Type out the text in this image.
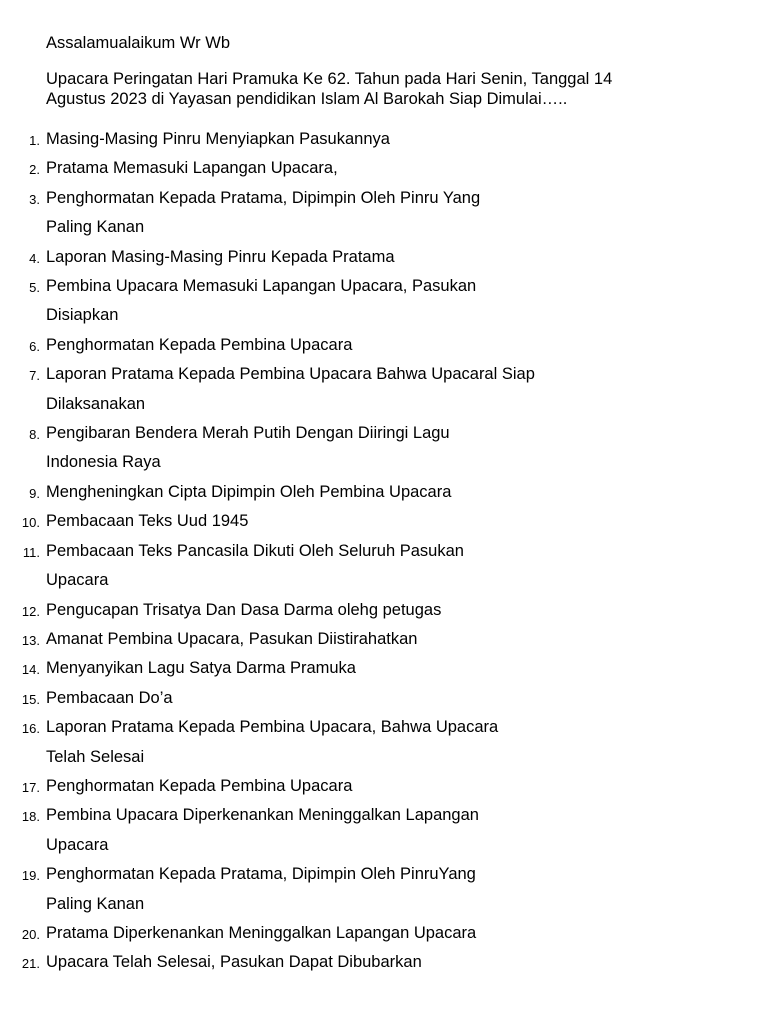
Assalamualaikum Wr Wb
Upacara Peringatan Hari Pramuka Ke 62. Tahun pada Hari Senin, Tanggal 14
Agustus 2023 di Yayasan pendidikan Islam Al Barokah Siap Dimulai…..
1. Masing-Masing Pinru Menyiapkan Pasukannya
2. Pratama Memasuki Lapangan Upacara,
3. Penghormatan Kepada Pratama, Dipimpin Oleh Pinru Yang
Paling Kanan
4. Laporan Masing-Masing Pinru Kepada Pratama
5. Pembina Upacara Memasuki Lapangan Upacara, Pasukan
Disiapkan
6. Penghormatan Kepada Pembina Upacara
7. Laporan Pratama Kepada Pembina Upacara Bahwa Upacaral Siap
Dilaksanakan
8. Pengibaran Bendera Merah Putih Dengan Diiringi Lagu
Indonesia Raya
9. Mengheningkan Cipta Dipimpin Oleh Pembina Upacara
10. Pembacaan Teks Uud 1945
11. Pembacaan Teks Pancasila Dikuti Oleh Seluruh Pasukan
Upacara
12. Pengucapan Trisatya Dan Dasa Darma olehg petugas
13. Amanat Pembina Upacara, Pasukan Diistirahatkan
14. Menyanyikan Lagu Satya Darma Pramuka
15. Pembacaan Do’a
16. Laporan Pratama Kepada Pembina Upacara, Bahwa Upacara
Telah Selesai
17. Penghormatan Kepada Pembina Upacara
18. Pembina Upacara Diperkenankan Meninggalkan Lapangan
Upacara
19. Penghormatan Kepada Pratama, Dipimpin Oleh PinruYang
Paling Kanan
20. Pratama Diperkenankan Meninggalkan Lapangan Upacara
21. Upacara Telah Selesai, Pasukan Dapat Dibubarkan
